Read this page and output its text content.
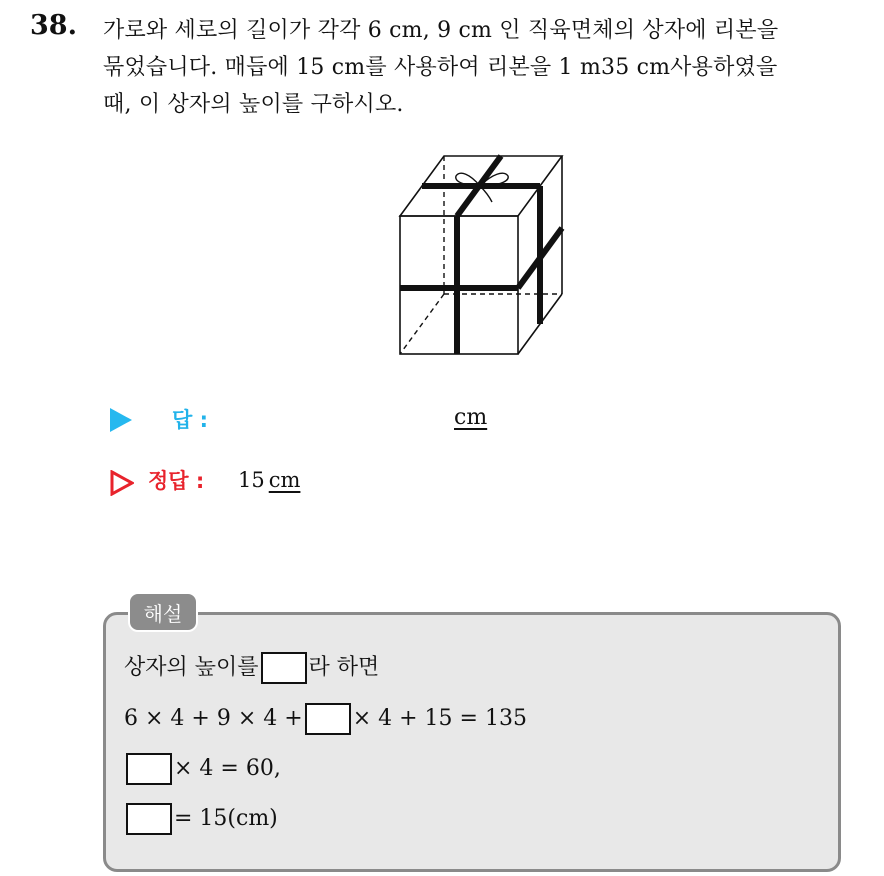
38. 가로와 세로의 길이가 각각 6 cm, 9 cm 인 직육면체의 상자에 리본을
묶었습니다. 매듭에 15 cm를 사용하여 리본을 1 m35 cm사용하였을
때, 이 상자의 높이를 구하시오.
답 :	cm
정답 : 15 cm
해설
상자의 높이를 라 하면
6 × 4 + 9 × 4 + × 4 + 15 = 135
× 4 = 60,
= 15(cm)
